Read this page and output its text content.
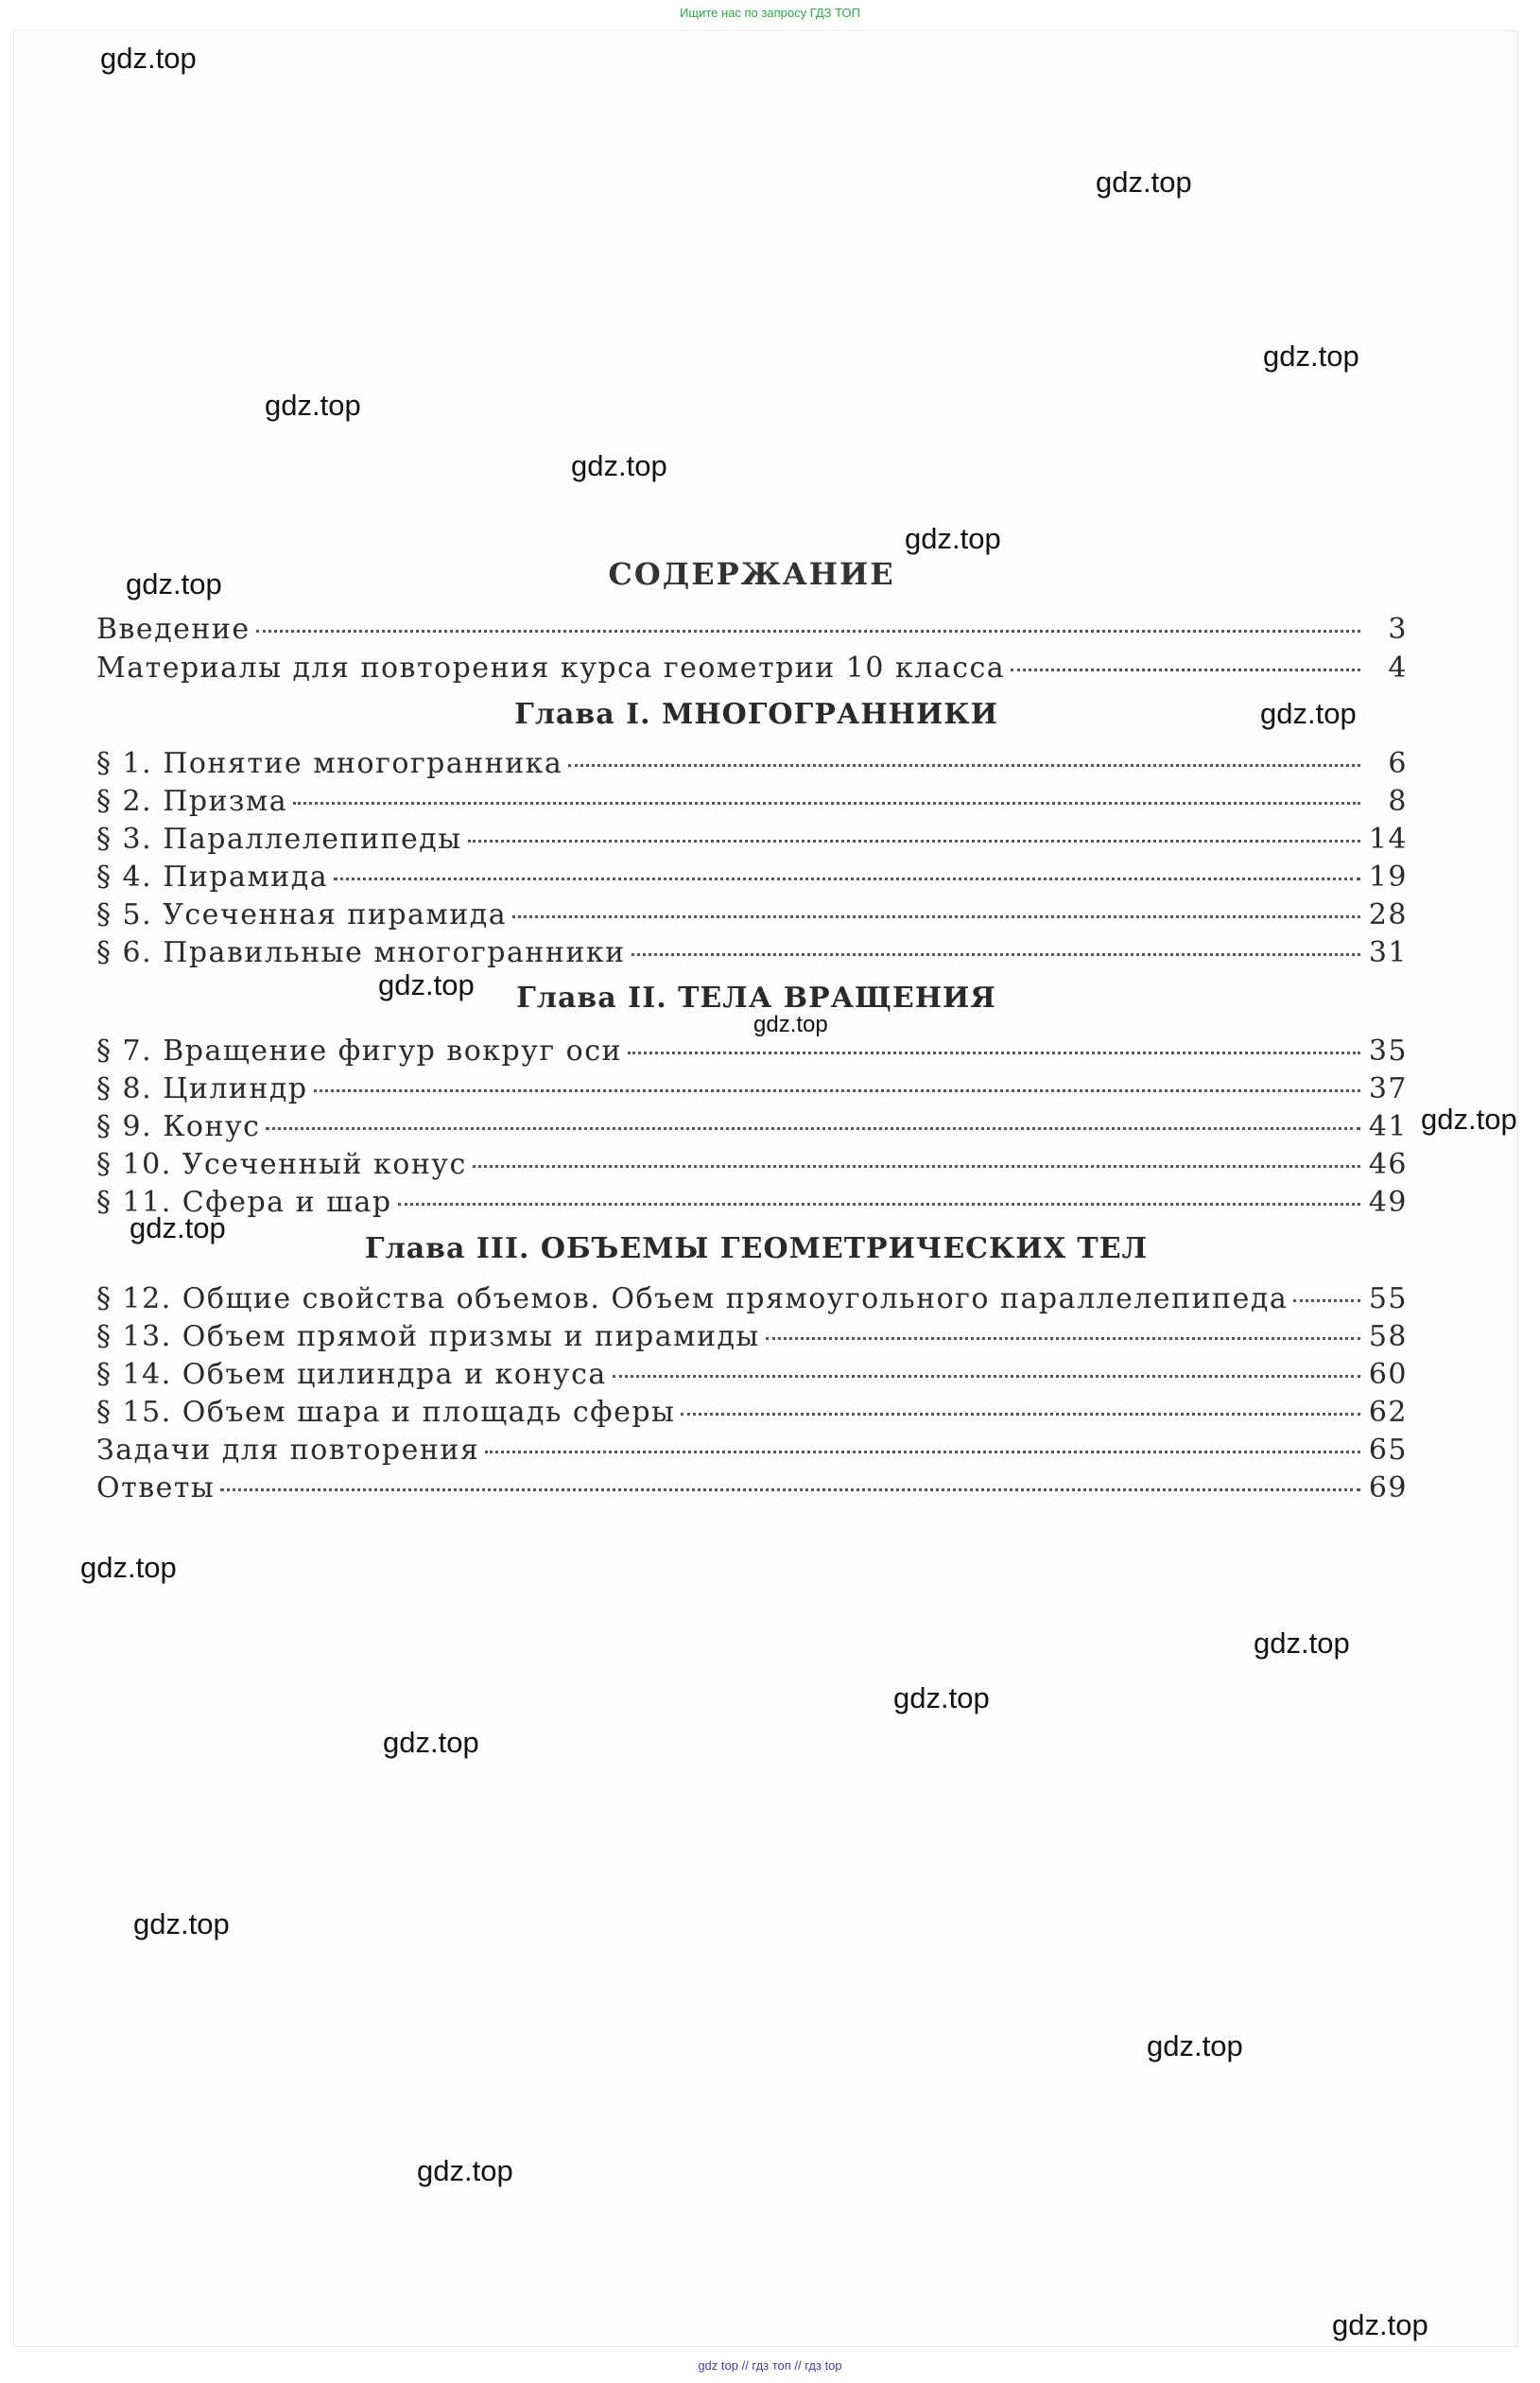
Ищите нас по запросу ГДЗ ТОП
СОДЕРЖАНИЕ
Введение	3
Материалы для повторения курса геометрии 10 класса	4
Глава I. МНОГОГРАННИКИ
§ 1. Понятие многогранника	6
§ 2. Призма	8
§ 3. Параллелепипеды	14
§ 4. Пирамида	19
§ 5. Усеченная пирамида	28
§ 6. Правильные многогранники	31
Глава II. ТЕЛА ВРАЩЕНИЯ
§ 7. Вращение фигур вокруг оси	35
§ 8. Цилиндр	37
§ 9. Конус	41
§ 10. Усеченный конус	46
§ 11. Сфера и шар	49
Глава III. ОБЪЕМЫ ГЕОМЕТРИЧЕСКИХ ТЕЛ
§ 12. Общие свойства объемов. Объем прямоугольного параллелепипеда	55
§ 13. Объем прямой призмы и пирамиды	58
§ 14. Объем цилиндра и конуса	60
§ 15. Объем шара и площадь сферы	62
Задачи для повторения	65
Ответы	69
gdz.top
gdz.top
gdz.top
gdz.top
gdz.top
gdz.top
gdz.top
gdz.top
gdz.top
gdz.top
gdz.top
gdz.top
gdz.top
gdz.top
gdz.top
gdz.top
gdz.top
gdz.top
gdz.top
gdz.top
gdz top // гдз топ // гдз top
